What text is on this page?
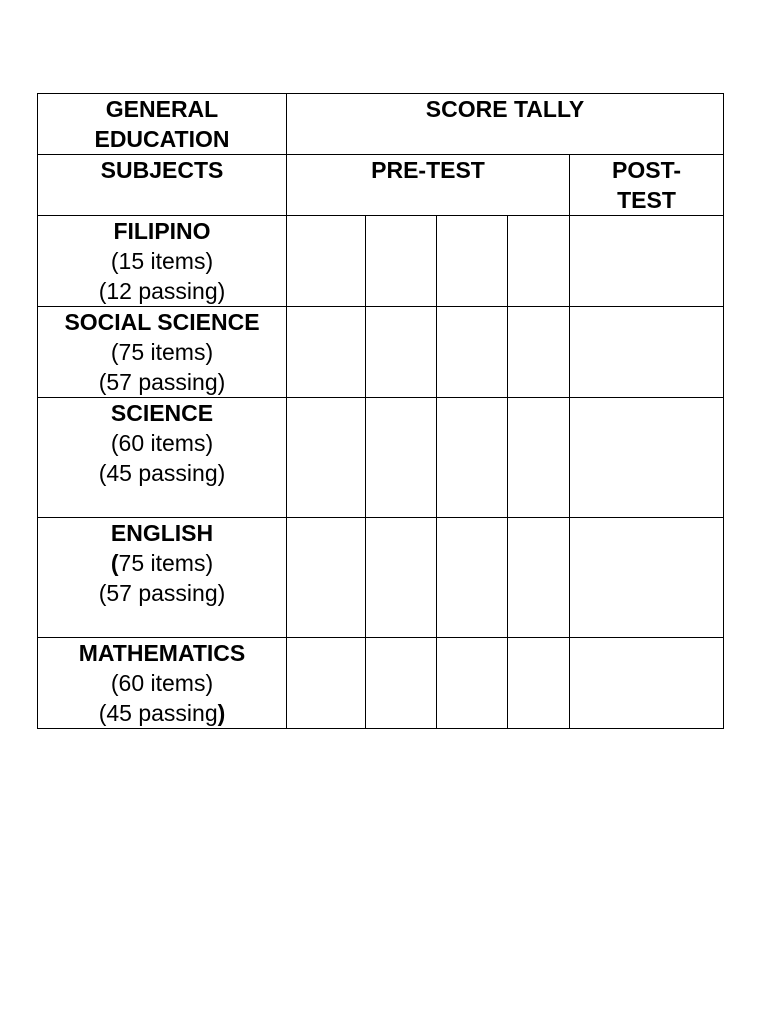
GENERAL
EDUCATION	SCORE TALLY				
SUBJECTS	PRE-TEST				POST-
TEST

FILIPINO
(15 items)
(12 passing)					

SOCIAL SCIENCE
(75 items)
(57 passing)					

SCIENCE
(60 items)
(45 passing)					

ENGLISH
(75 items)
(57 passing)					

MATHEMATICS
(60 items)
(45 passing)					
